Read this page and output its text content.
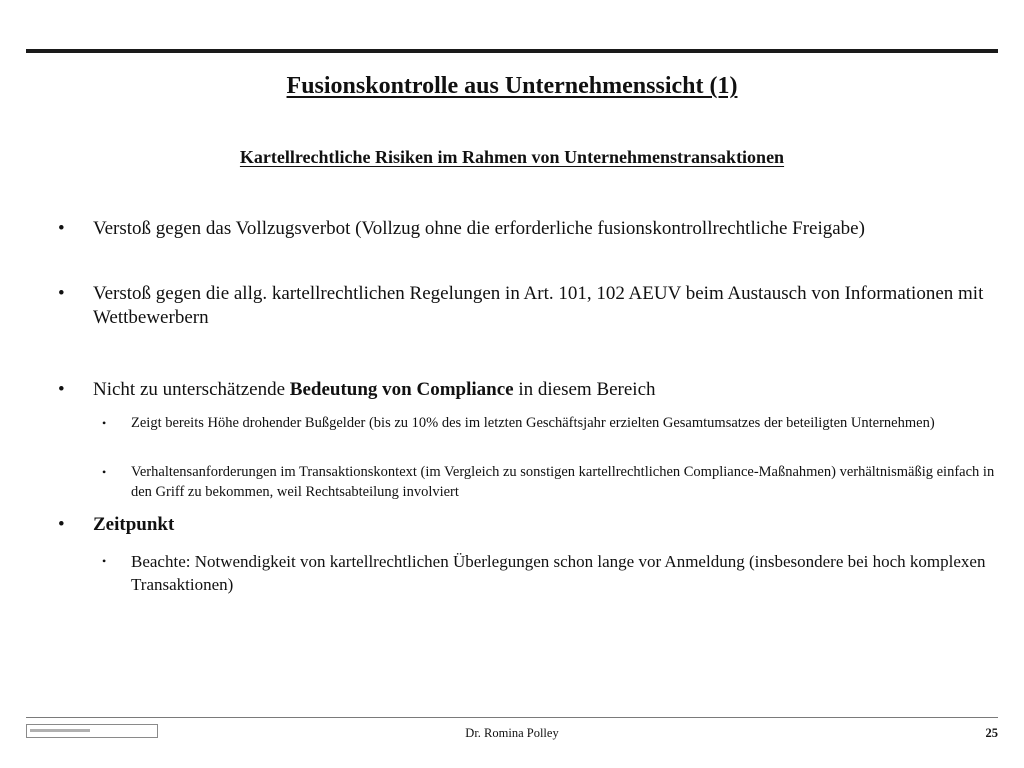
Fusionskontrolle aus Unternehmenssicht (1)
Kartellrechtliche Risiken im Rahmen von Unternehmenstransaktionen
•	Verstoß gegen das Vollzugsverbot (Vollzug ohne die erforderliche fusionskontrollrechtliche Freigabe)
•	Verstoß gegen die allg. kartellrechtlichen Regelungen in Art. 101, 102 AEUV beim Austausch von Informationen mit Wettbewerbern
•	Nicht zu unterschätzende Bedeutung von Compliance in diesem Bereich
• Zeigt bereits Höhe drohender Bußgelder (bis zu 10% des im letzten Geschäftsjahr erzielten Gesamtumsatzes der beteiligten Unternehmen)
• Verhaltensanforderungen im Transaktionskontext (im Vergleich zu sonstigen kartellrechtlichen Compliance-Maßnahmen) verhältnismäßig einfach in den Griff zu bekommen, weil Rechtsabteilung involviert
•	Zeitpunkt
• Beachte: Notwendigkeit von kartellrechtlichen Überlegungen schon lange vor Anmeldung (insbesondere bei hoch komplexen Transaktionen)
Dr. Romina Polley	25
